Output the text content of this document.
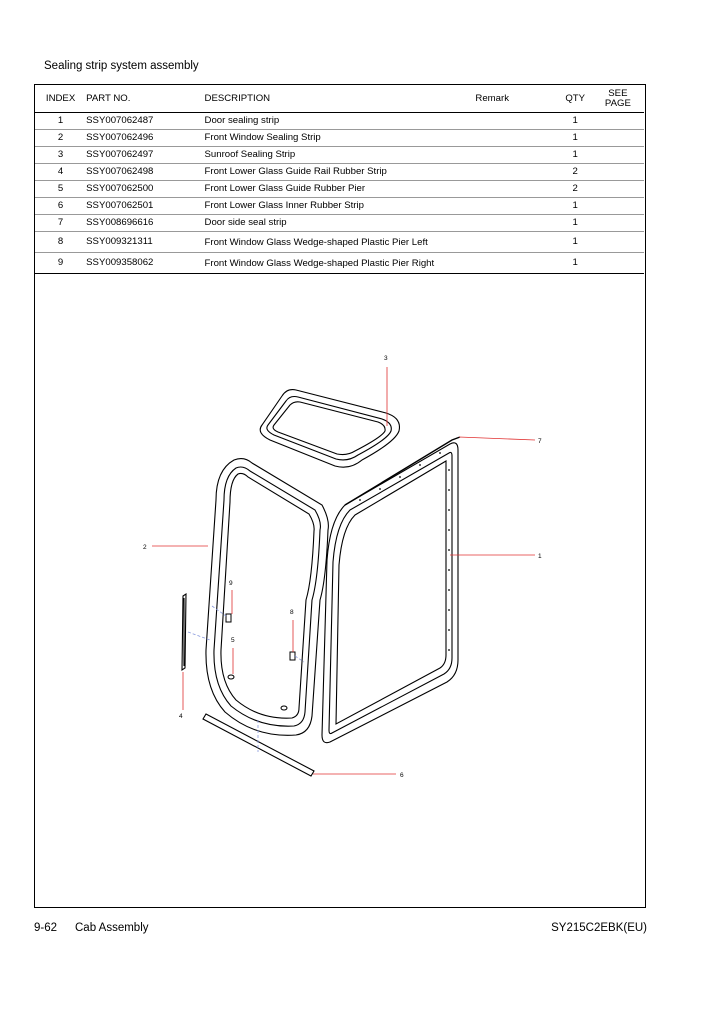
Sealing strip system assembly
INDEX	PART NO.	DESCRIPTION	Remark	QTY	SEE PAGE
1	SSY007062487	Door sealing strip		1	
2	SSY007062496	Front Window Sealing Strip		1	
3	SSY007062497	Sunroof Sealing Strip		1	
4	SSY007062498	Front Lower Glass Guide Rail Rubber Strip		2	
5	SSY007062500	Front Lower Glass Guide Rubber Pier		2	
6	SSY007062501	Front Lower Glass Inner Rubber Strip		1	
7	SSY008696616	Door side seal strip		1	
8	SSY009321311	Front Window Glass Wedge-shaped Plastic Pier Left		1	
9	SSY009358062	Front Window Glass Wedge-shaped Plastic Pier Right		1	
3
7
1
2
9
8
5
4
6
9-62 Cab Assembly	SY215C2EBK(EU)
